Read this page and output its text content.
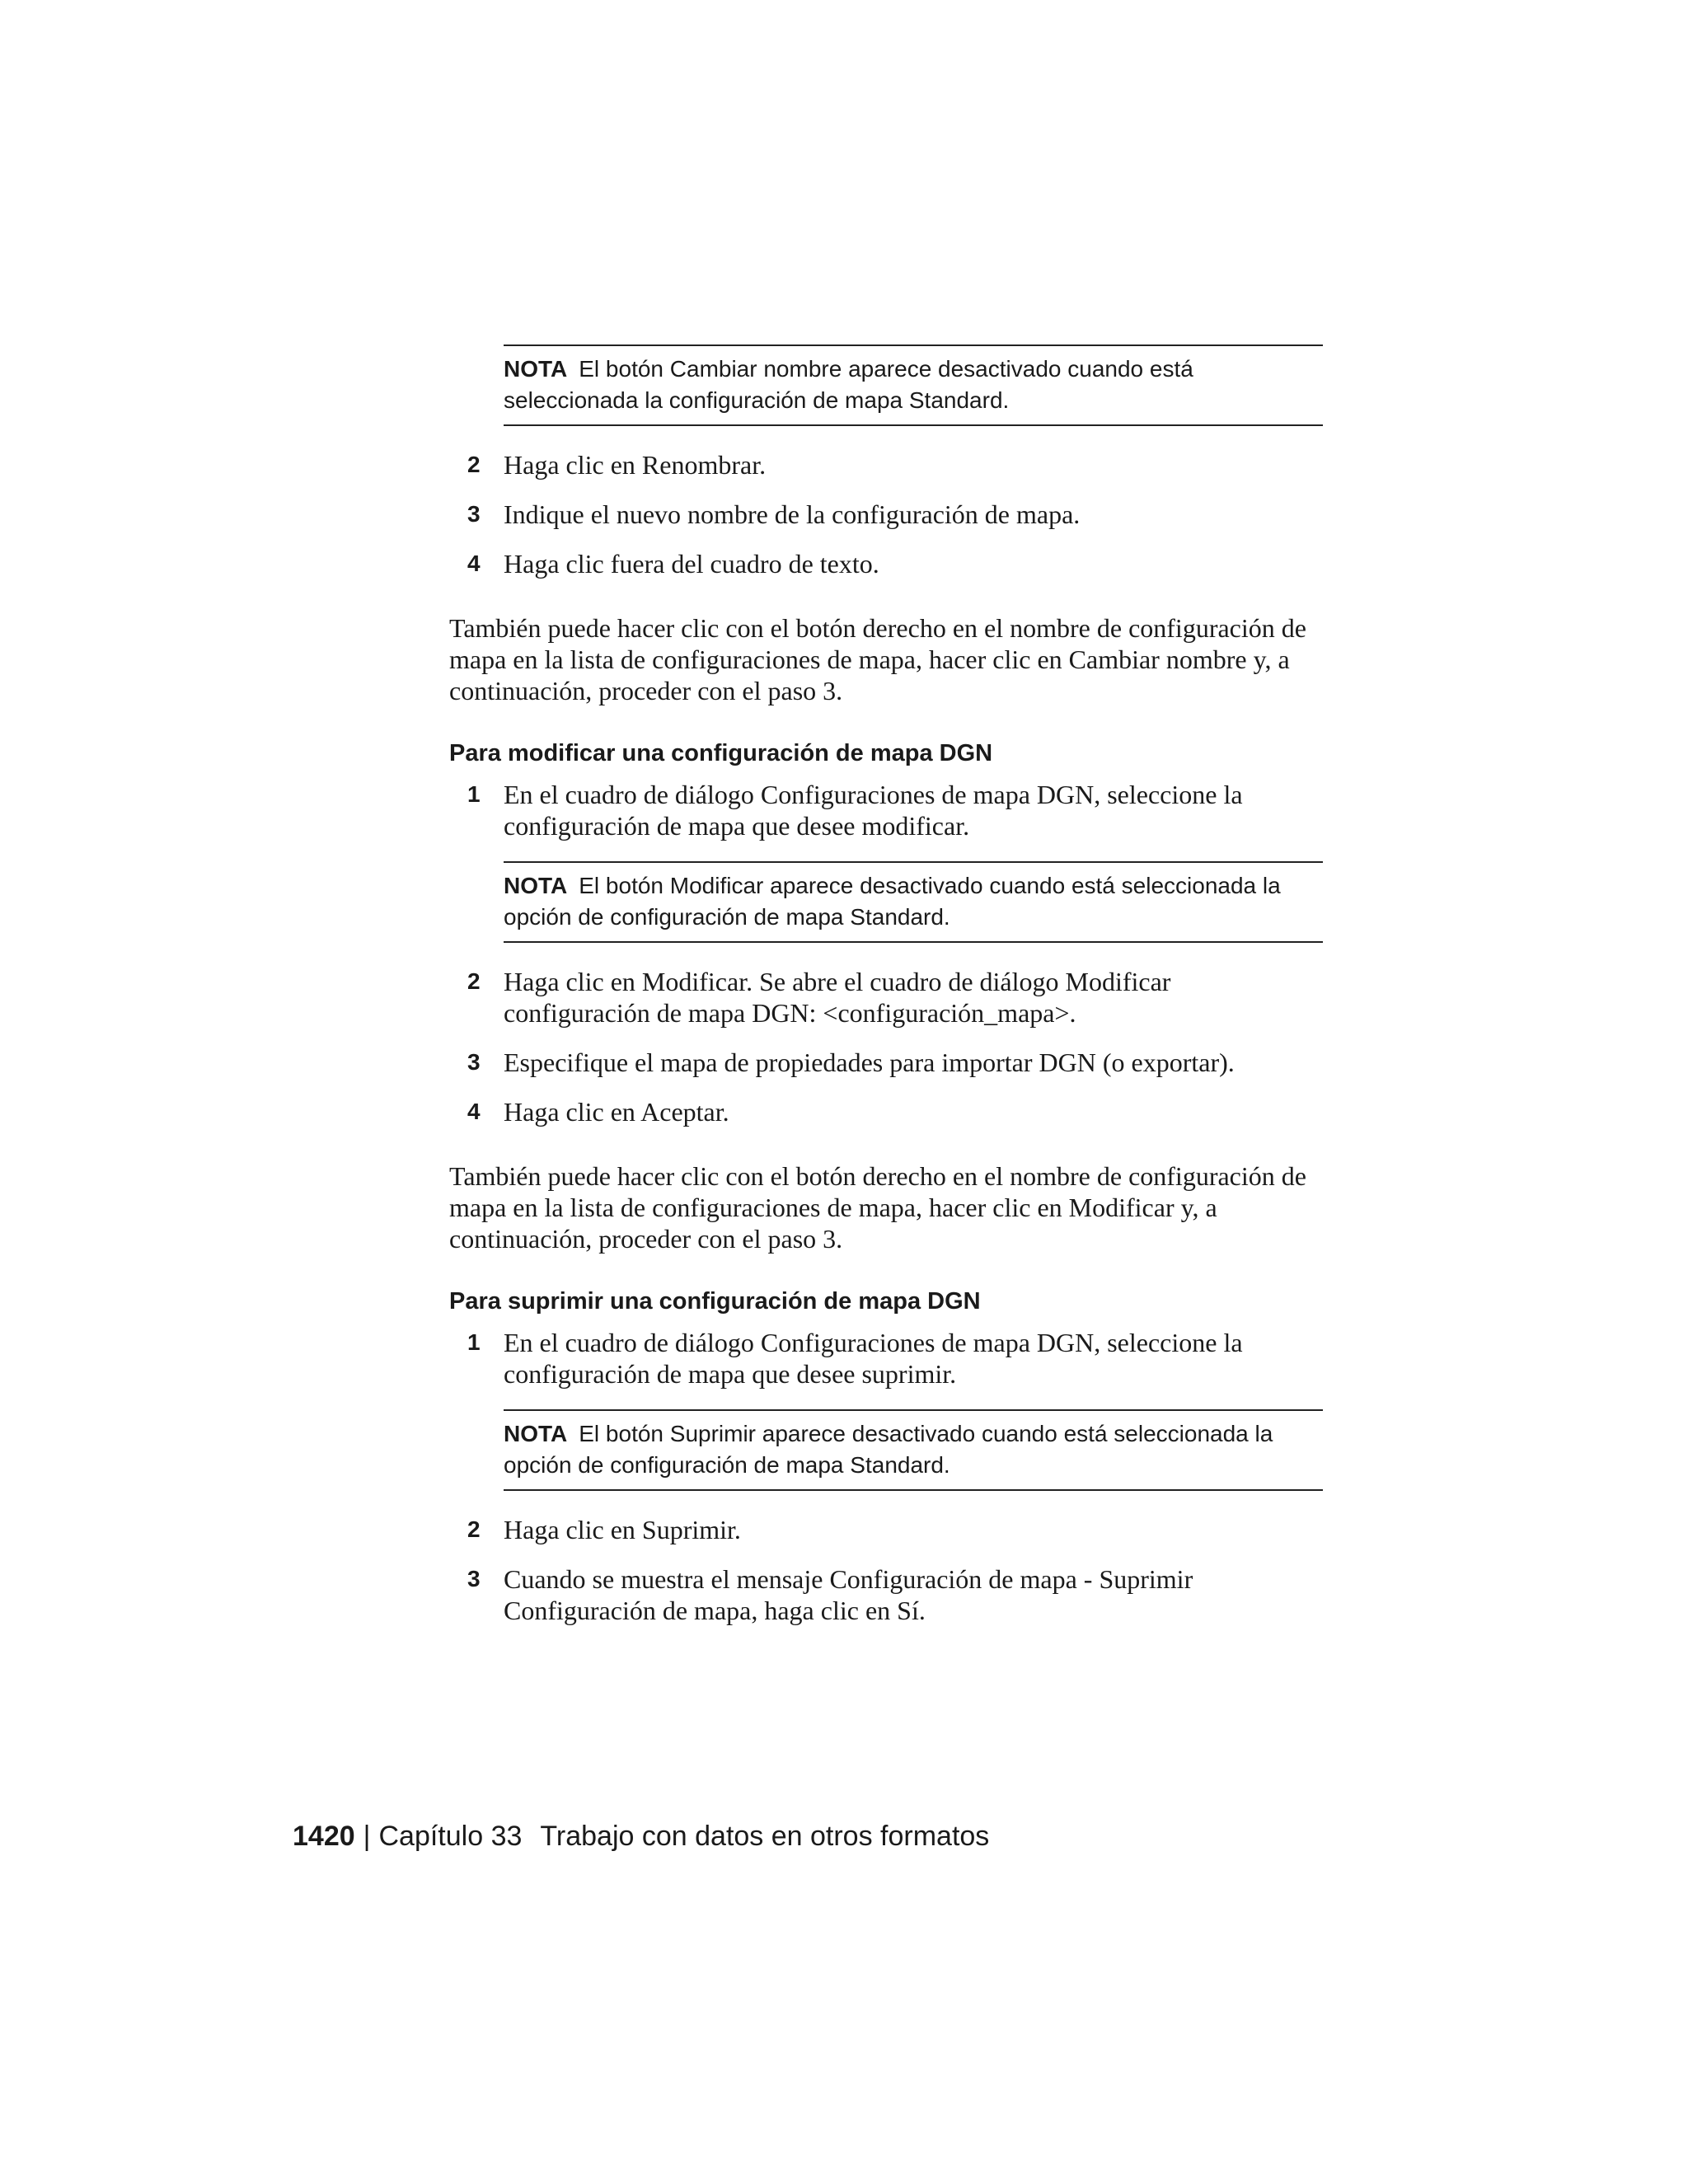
NOTA El botón Cambiar nombre aparece desactivado cuando está seleccionada la configuración de mapa Standard.
2 Haga clic en Renombrar.
3 Indique el nuevo nombre de la configuración de mapa.
4 Haga clic fuera del cuadro de texto.

También puede hacer clic con el botón derecho en el nombre de configuración de mapa en la lista de configuraciones de mapa, hacer clic en Cambiar nombre y, a continuación, proceder con el paso 3.

Para modificar una configuración de mapa DGN
1 En el cuadro de diálogo Configuraciones de mapa DGN, seleccione la configuración de mapa que desee modificar.
NOTA El botón Modificar aparece desactivado cuando está seleccionada la opción de configuración de mapa Standard.
2 Haga clic en Modificar. Se abre el cuadro de diálogo Modificar configuración de mapa DGN: <configuración_mapa>.
3 Especifique el mapa de propiedades para importar DGN (o exportar).
4 Haga clic en Aceptar.

También puede hacer clic con el botón derecho en el nombre de configuración de mapa en la lista de configuraciones de mapa, hacer clic en Modificar y, a continuación, proceder con el paso 3.

Para suprimir una configuración de mapa DGN
1 En el cuadro de diálogo Configuraciones de mapa DGN, seleccione la configuración de mapa que desee suprimir.
NOTA El botón Suprimir aparece desactivado cuando está seleccionada la opción de configuración de mapa Standard.
2 Haga clic en Suprimir.
3 Cuando se muestra el mensaje Configuración de mapa - Suprimir Configuración de mapa, haga clic en Sí.
1420 | Capítulo 33 Trabajo con datos en otros formatos
